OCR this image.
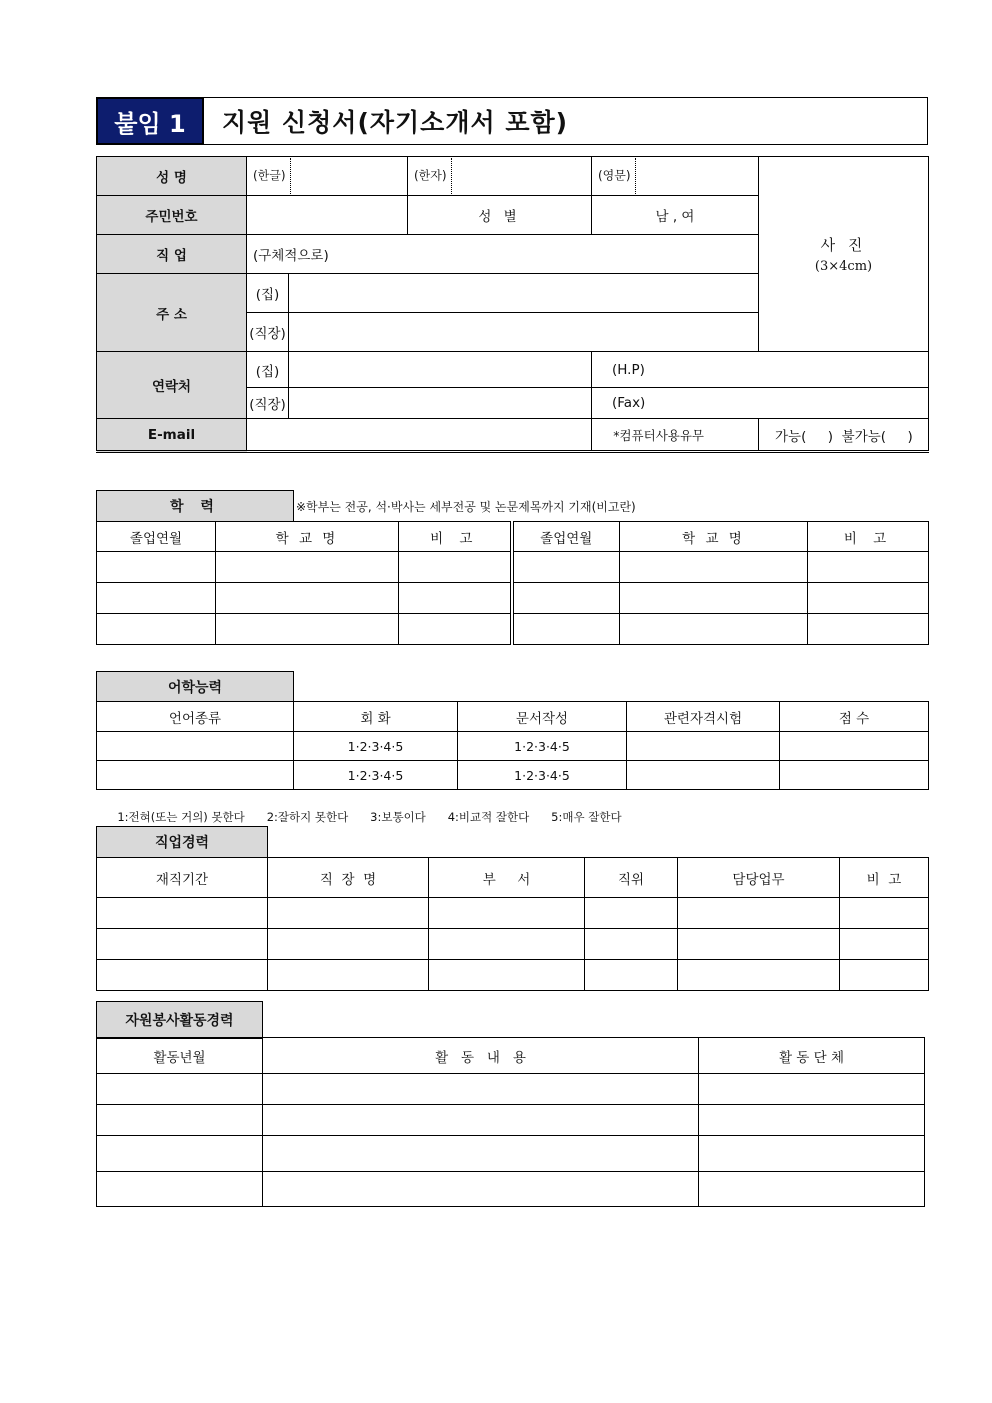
붙임 1	지원 신청서(자기소개서 포함)
성 명	(한글)		(한자)	(영문)	사 진
(3×4cm)

주민번호			성 별	남 , 여	
직 업	(구체적으로)				
주 소	(집)				
	(직장)				
연락처	(집)			(H.P)	
	(직장)			(Fax)	
E-mail				*컴퓨터사용유무	가능(     )  불가능(     )
학 력	※학부는 전공, 석·박사는 세부전공 및 논문제목까지 기재(비고란)
졸업연월	학 교 명	비 고	졸업연월	학 교 명	비 고

어학능력
언어종류	회 화	문서작성	관련자격시험	점 수
	1·2·3·4·5	1·2·3·4·5		
	1·2·3·4·5	1·2·3·4·5		

1:전혀(또는 거의) 못한다 2:잘하지 못한다 3:보통이다 4:비교적 잘한다 5:매우 잘한다

직업경력
재직기간	직  장  명	부     서	직위	담당업무	비  고

자원봉사활동경력
활동년월	활   동   내   용	활 동 단 체
